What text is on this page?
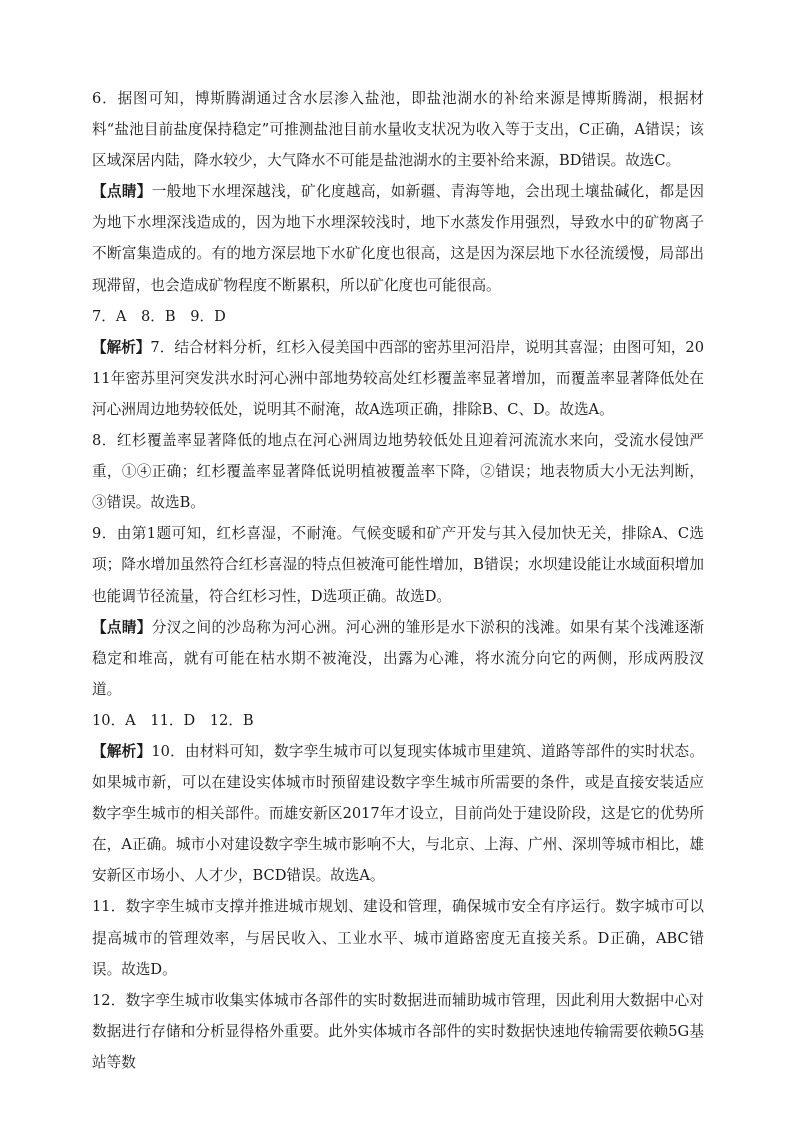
6．据图可知，博斯腾湖通过含水层渗入盐池，即盐池湖水的补给来源是博斯腾湖，根据材料“盐池目前盐度保持稳定”可推测盐池目前水量收支状况为收入等于支出，C正确，A错误；该区域深居内陆，降水较少，大气降水不可能是盐池湖水的主要补给来源，BD错误。故选C。

【点睛】一般地下水埋深越浅，矿化度越高，如新疆、青海等地，会出现土壤盐碱化，都是因为地下水埋深浅造成的，因为地下水埋深较浅时，地下水蒸发作用强烈，导致水中的矿物离子不断富集造成的。有的地方深层地下水矿化度也很高，这是因为深层地下水径流缓慢，局部出现滞留，也会造成矿物程度不断累积，所以矿化度也可能很高。

7．A　8．B　9．D

【解析】7．结合材料分析，红杉入侵美国中西部的密苏里河沿岸，说明其喜湿；由图可知，2011年密苏里河突发洪水时河心洲中部地势较高处红杉覆盖率显著增加，而覆盖率显著降低处在河心洲周边地势较低处，说明其不耐淹，故A选项正确，排除B、C、D。故选A。

8．红杉覆盖率显著降低的地点在河心洲周边地势较低处且迎着河流流水来向，受流水侵蚀严重，①④正确；红杉覆盖率显著降低说明植被覆盖率下降，②错误；地表物质大小无法判断，③错误。故选B。

9．由第1题可知，红杉喜湿，不耐淹。气候变暖和矿产开发与其入侵加快无关，排除A、C选项；降水增加虽然符合红杉喜湿的特点但被淹可能性增加，B错误；水坝建设能让水域面积增加也能调节径流量，符合红杉习性，D选项正确。故选D。

【点睛】分汊之间的沙岛称为河心洲。河心洲的雏形是水下淤积的浅滩。如果有某个浅滩逐渐稳定和堆高，就有可能在枯水期不被淹没，出露为心滩，将水流分向它的两侧，形成两股汊道。

10．A　11．D　12．B

【解析】10．由材料可知，数字孪生城市可以复现实体城市里建筑、道路等部件的实时状态。如果城市新，可以在建设实体城市时预留建设数字孪生城市所需要的条件，或是直接安装适应数字孪生城市的相关部件。而雄安新区2017年才设立，目前尚处于建设阶段，这是它的优势所在，A正确。城市小对建设数字孪生城市影响不大，与北京、上海、广州、深圳等城市相比，雄安新区市场小、人才少，BCD错误。故选A。

11．数字孪生城市支撑并推进城市规划、建设和管理，确保城市安全有序运行。数字城市可以提高城市的管理效率，与居民收入、工业水平、城市道路密度无直接关系。D正确，ABC错误。故选D。

12．数字孪生城市收集实体城市各部件的实时数据进而辅助城市管理，因此利用大数据中心对数据进行存储和分析显得格外重要。此外实体城市各部件的实时数据快速地传输需要依赖5G基站等数
